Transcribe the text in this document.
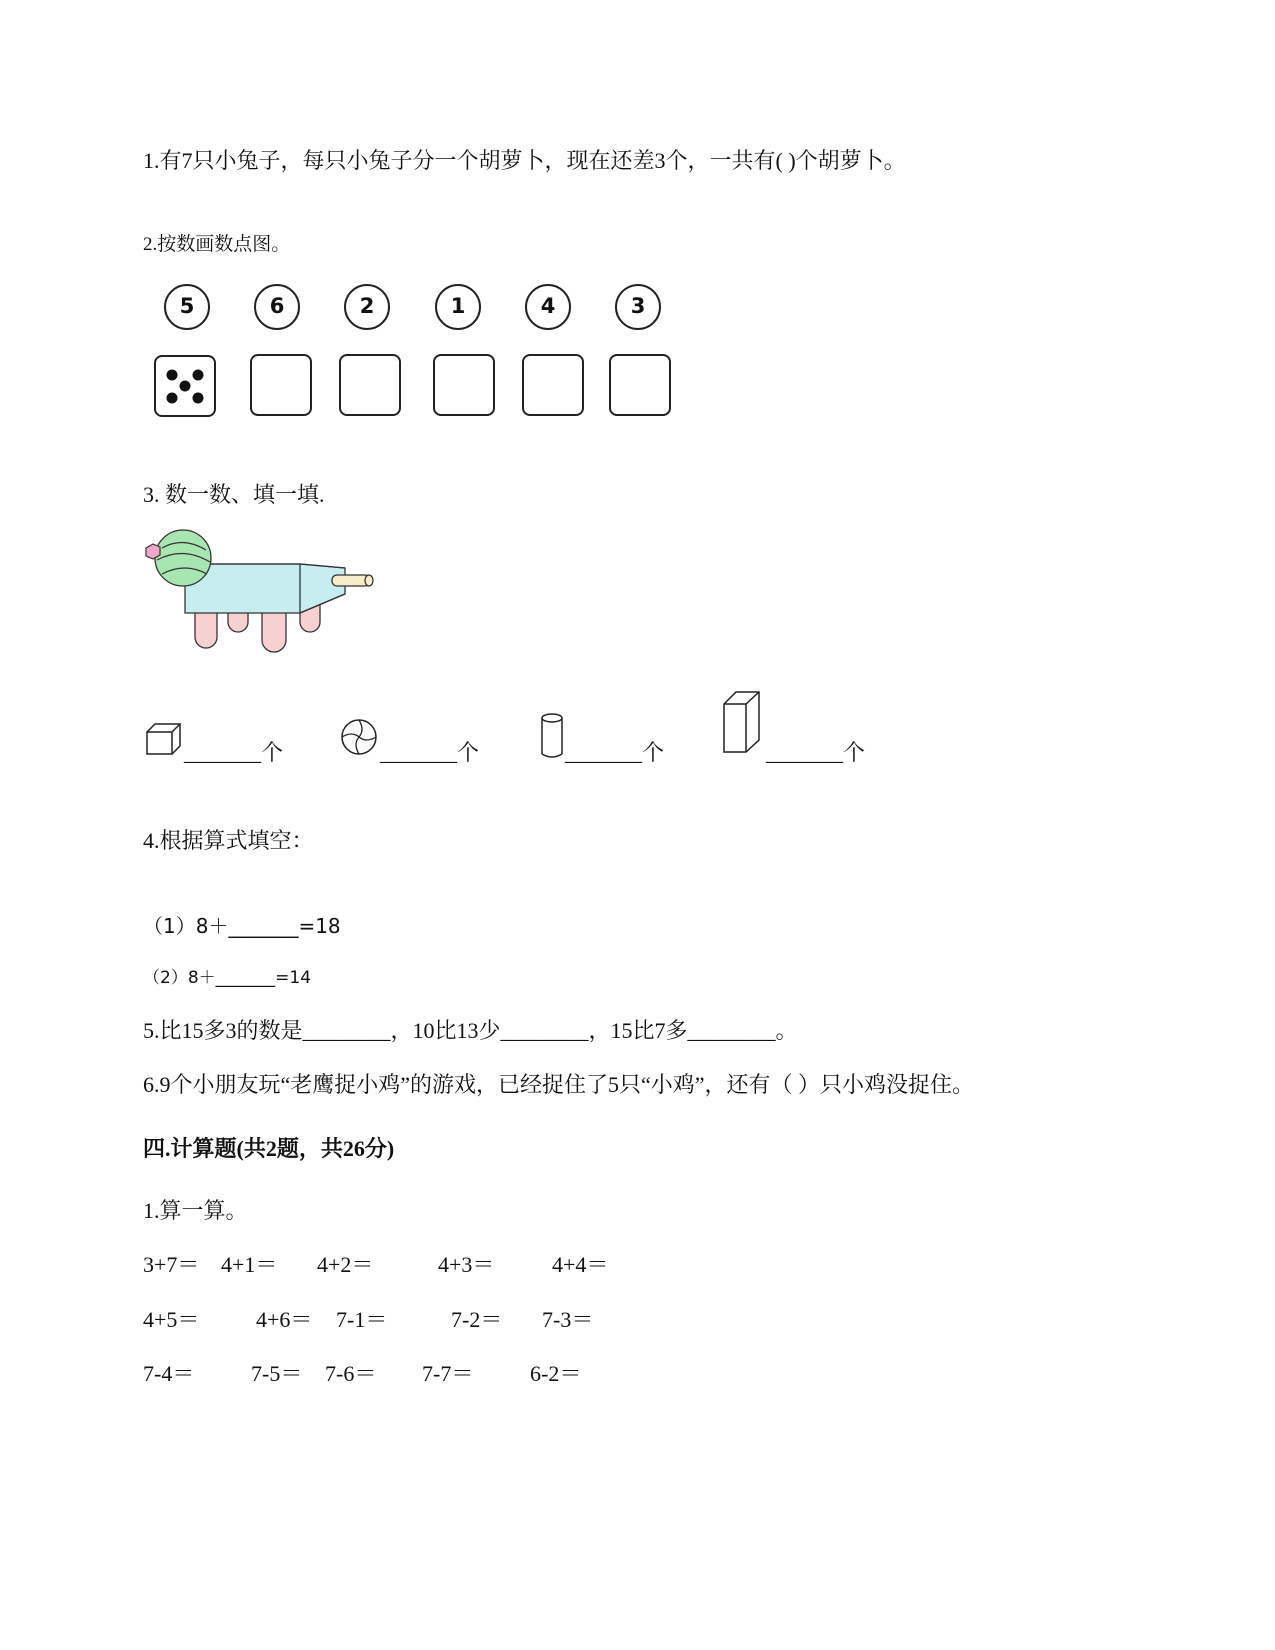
1.有7只小兔子，每只小兔子分一个胡萝卜，现在还差3个，一共有( )个胡萝卜。
2.按数画数点图。
5	6	2	1	4	3
3. 数一数、填一填.
_______个	_______个	_______个	_______个
4.根据算式填空：
（1）8＋_______=18
（2）8＋_______=14
5.比15多3的数是________，10比13少________，15比7多________。
6.9个小朋友玩“老鹰捉小鸡”的游戏，已经捉住了5只“小鸡”，还有（ ）只小鸡没捉住。
四.计算题(共2题，共26分)
1.算一算。
3+7＝ 4+1＝ 4+2＝	4+3＝	4+4＝
4+5＝	4+6＝ 7-1＝	7-2＝ 7-3＝
7-4＝	7-5＝ 7-6＝ 7-7＝	6-2＝
